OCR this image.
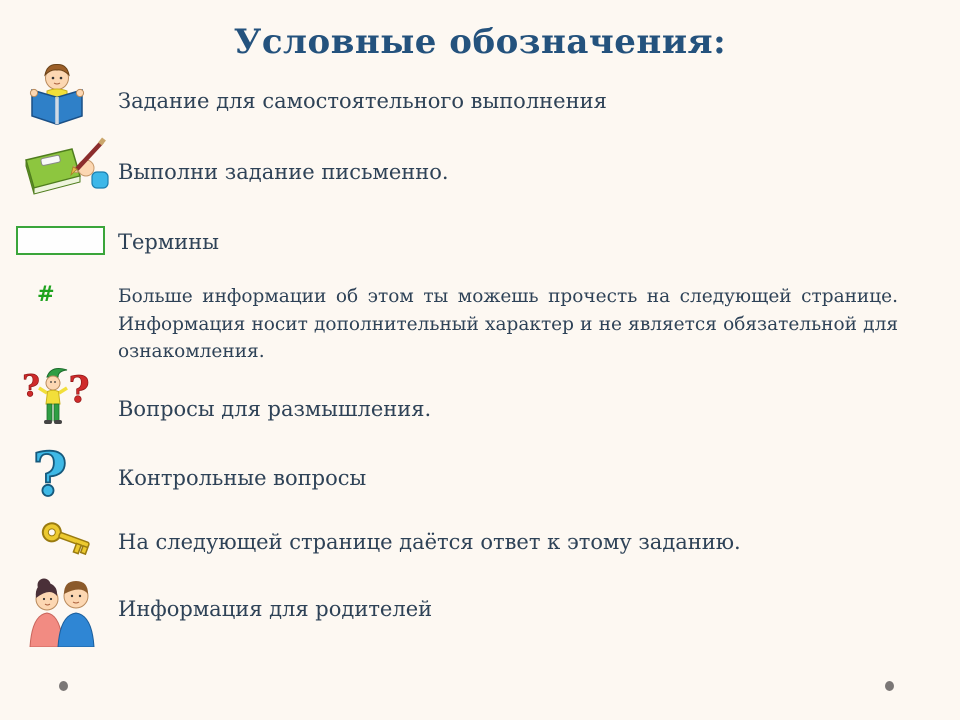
Условные обозначения:
Задание для самостоятельного выполнения
Выполни задание письменно.
Термины
#	Больше информации об этом ты можешь прочесть на следующей странице. Информация носит дополнительный характер и не является обязательной для ознакомления.
? ? Вопросы для размышления.
? Контрольные вопросы
На следующей странице даётся ответ к этому заданию.
Информация для родителей
